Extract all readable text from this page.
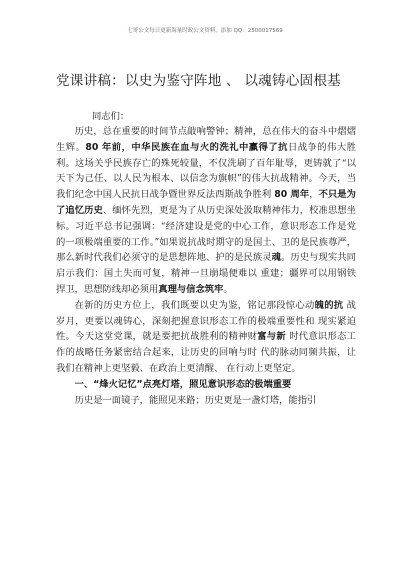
七哥公文每日更新海量时政公文资料，添加 QQ：2500017569
党课讲稿：以史为鉴守阵地 、 以魂铸心固根基
同志们：

历史，总在重要的时间节点敲响警钟；精神，总在伟大的奋斗中熠熠生辉。80 年前，中华民族在血与火的洗礼中赢得了抗日战争的伟大胜利。这场关乎民族存亡的殊死较量，不仅洗刷了百年耻辱，更铸就了“以天下为己任、以人民为根本、以信念为旗帜”的伟大抗战精神。今天，当我们纪念中国人民抗日战争暨世界反法西斯战争胜利 80 周年，不只是为了追忆历史、缅怀先烈，更是为了从历史深处汲取精神伟力，校准思想坐标。习近平总书记强调：“经济建设是党的中心工作，意识形态工作是党的一项极端重要的工作。”如果说抗战时期守的是国土、卫的是民族尊严，那么新时代我们必须守的是思想阵地、护的是民族灵魂。历史与现实共同启示我们：国土失而可复，精神一旦崩塌便难以 重建；疆界可以用钢铁捍卫，思想防线却必须用真理与信念筑牢。

在新的历史方位上，我们既要以史为鉴，铭记那段惊心动魄的抗 战岁月，更要以魂铸心，深刻把握意识形态工作的极端重要性和 现实紧迫性。今天这堂党课，就是要把抗战胜利的精神财富与新 时代意识形态工作的战略任务紧密结合起来，让历史的回响与时 代的脉动同频共振，让我们在精神上更坚毅、在政治上更清醒、 在行动上更坚定。

一、“烽火记忆”点亮灯塔，照见意识形态的极端重要

历史是一面镜子，能照见来路；历史更是一盏灯塔，能指引
